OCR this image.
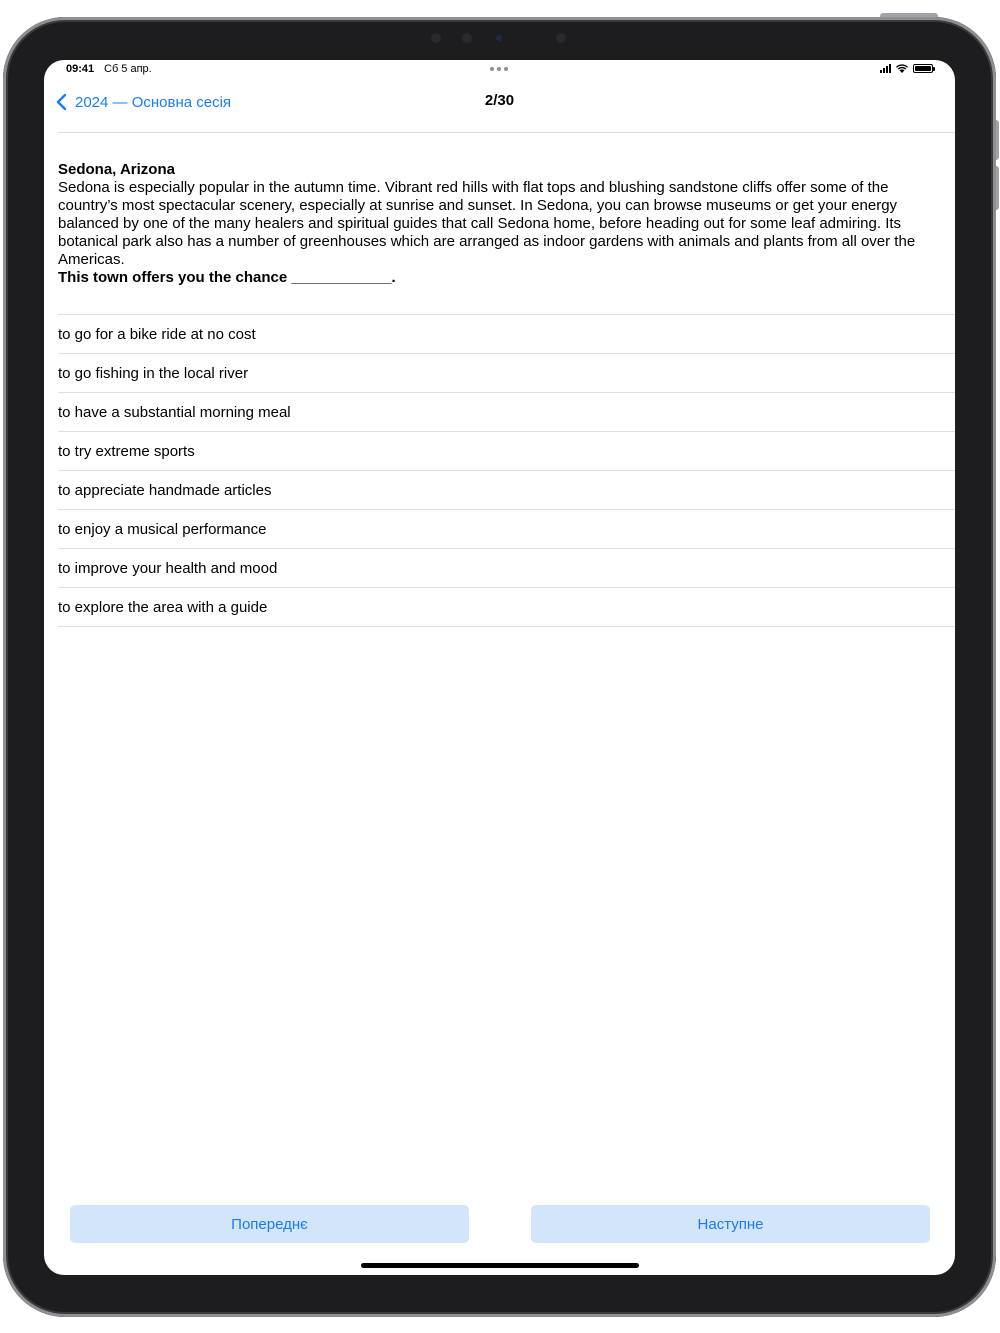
09:41 Сб 5 апр.
2024 — Основна сесія	2/30
Sedona, Arizona
Sedona is especially popular in the autumn time. Vibrant red hills with flat tops and blushing sandstone cliffs offer some of the country’s most spectacular scenery, especially at sunrise and sunset. In Sedona, you can browse museums or get your energy balanced by one of the many healers and spiritual guides that call Sedona home, before heading out for some leaf admiring. Its botanical park also has a number of greenhouses which are arranged as indoor gardens with animals and plants from all over the Americas.
This town offers you the chance ____________.
to go for a bike ride at no cost
to go fishing in the local river
to have a substantial morning meal
to try extreme sports
to appreciate handmade articles
to enjoy a musical performance
to improve your health and mood
to explore the area with a guide
Попереднє	Наступне
